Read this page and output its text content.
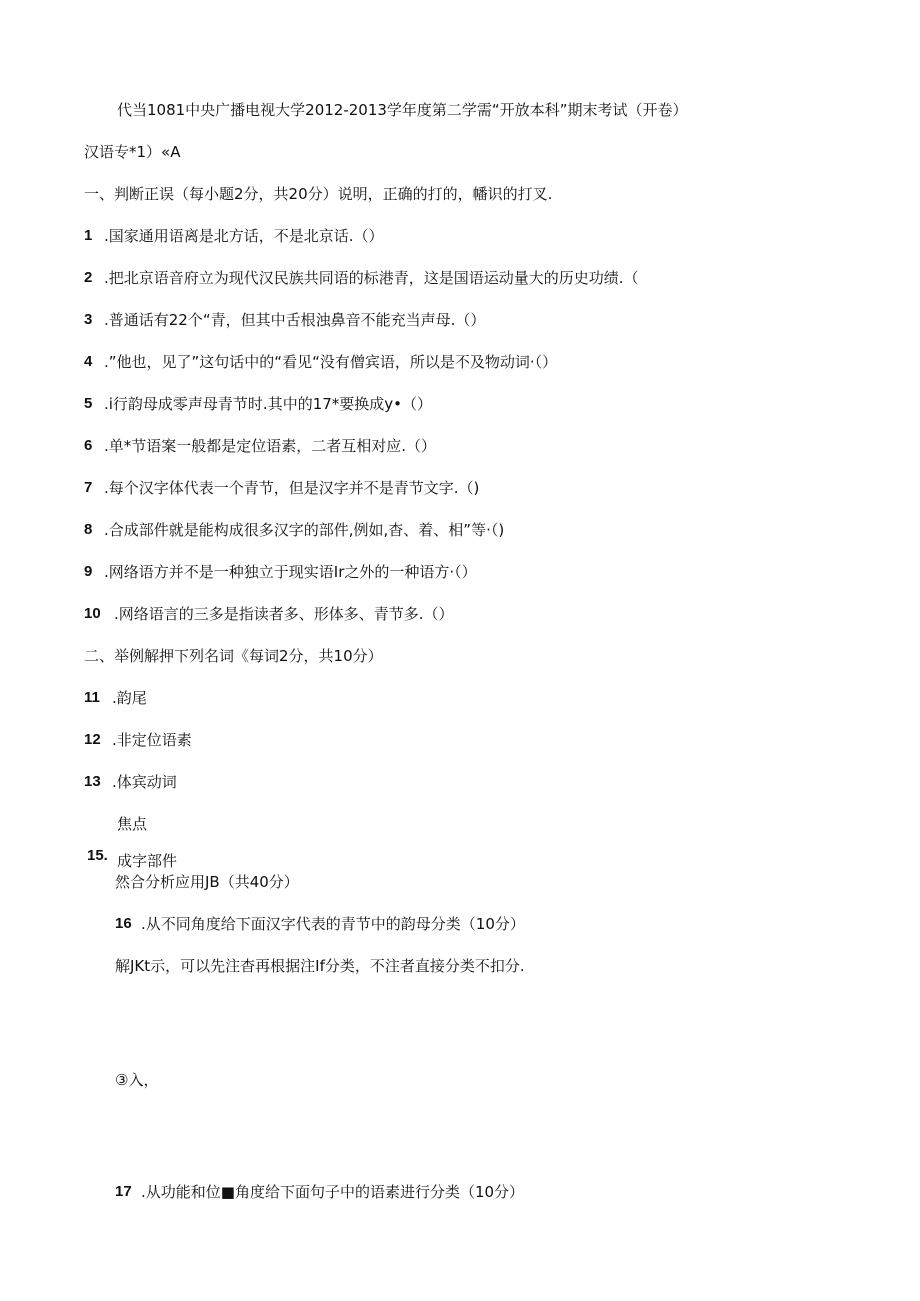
代当1081中央广播电视大学2012-2013学年度第二学需“开放本科”期末考试（开卷）
汉语专*1）«A
一、判断正误（每小题2分，共20分）说明，正确的打的，幡识的打叉.
1 .国家通用语离是北方话，不是北京话.（）
2 .把北京语音府立为现代汉民族共同语的标港青，这是国语运动量大的历史功绩.（
3 .普通话有22个“青，但其中舌根浊鼻音不能充当声母.（）
4 .”他也，见了”这句话中的“看见“没有僧宾语，所以是不及物动词·（）
5 .i行韵母成零声母青节时.其中的17*要换成y•（）
6 .单*节语案一般都是定位语素，二者互相对应.（）
7 .每个汉字体代表一个青节，但是汉字并不是青节文字.（)
8 .合成部件就是能构成很多汉字的部件,例如,杳、着、相”等·（)
9 .网络语方并不是一种独立于现实语Ir之外的一种语方·（）
10 .网络语言的三多是指读者多、形体多、青节多.（）
二、举例解押下列名词《每词2分，共10分）
11 .韵尾
12 .非定位语素
13 .体宾动词
焦点
15. 成字部件
然合分析应用JB（共40分）
16 .从不同角度给下面汉字代表的青节中的韵母分类（10分）
解JKt示，可以先注杳再根据注If分类，不注者直接分类不扣分.
③入，
17 .从功能和位■角度给下面句子中的语素进行分类（10分）
